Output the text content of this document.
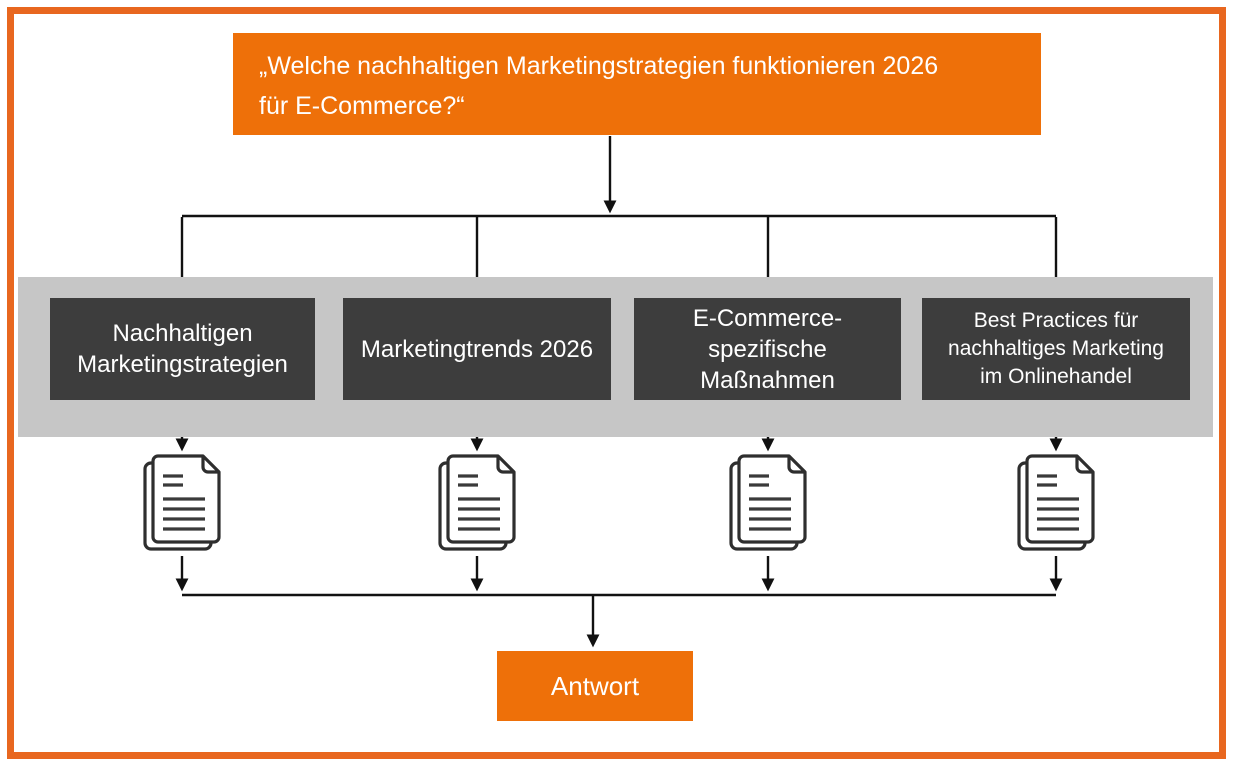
„Welche nachhaltigen Marketingstrategien funktionieren 2026
für E-Commerce?“
Nachhaltigen
Marketingstrategien
Marketingtrends 2026
E-Commerce-
spezifische
Maßnahmen
Best Practices für
nachhaltiges Marketing
im Onlinehandel
Antwort
